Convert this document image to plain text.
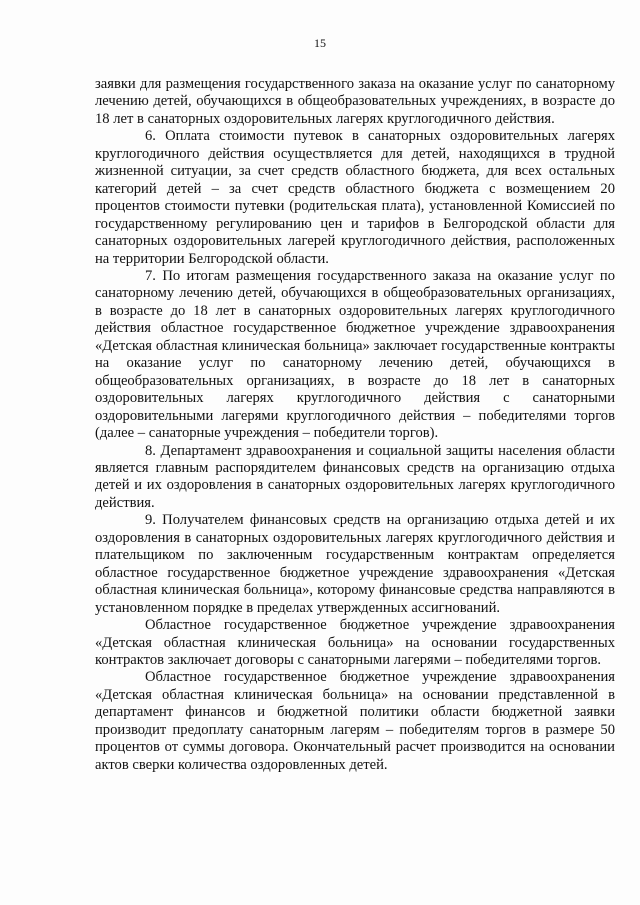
15

заявки для размещения государственного заказа на оказание услуг по санаторному лечению детей, обучающихся в общеобразовательных учреждениях, в возрасте до 18 лет в санаторных оздоровительных лагерях круглогодичного действия.

6. Оплата стоимости путевок в санаторных оздоровительных лагерях круглогодичного действия осуществляется для детей, находящихся в трудной жизненной ситуации, за счет средств областного бюджета, для всех остальных категорий детей – за счет средств областного бюджета с возмещением 20 процентов стоимости путевки (родительская плата), установленной Комиссией по государственному регулированию цен и тарифов в Белгородской области для санаторных оздоровительных лагерей круглогодичного действия, расположенных на территории Белгородской области.

7. По итогам размещения государственного заказа на оказание услуг по санаторному лечению детей, обучающихся в общеобразовательных организациях, в возрасте до 18 лет в санаторных оздоровительных лагерях круглогодичного действия областное государственное бюджетное учреждение здравоохранения «Детская областная клиническая больница» заключает государственные контракты на оказание услуг по санаторному лечению детей, обучающихся в общеобразовательных организациях, в возрасте до 18 лет в санаторных оздоровительных лагерях круглогодичного действия с санаторными оздоровительными лагерями круглогодичного действия – победителями торгов (далее – санаторные учреждения – победители торгов).

8. Департамент здравоохранения и социальной защиты населения области является главным распорядителем финансовых средств на организацию отдыха детей и их оздоровления в санаторных оздоровительных лагерях круглогодичного действия.

9. Получателем финансовых средств на организацию отдыха детей и их оздоровления в санаторных оздоровительных лагерях круглогодичного действия и плательщиком по заключенным государственным контрактам определяется областное государственное бюджетное учреждение здравоохранения «Детская областная клиническая больница», которому финансовые средства направляются в установленном порядке в пределах утвержденных ассигнований.

Областное государственное бюджетное учреждение здравоохранения «Детская областная клиническая больница» на основании государственных контрактов заключает договоры с санаторными лагерями – победителями торгов.

Областное государственное бюджетное учреждение здравоохранения «Детская областная клиническая больница» на основании представленной в департамент финансов и бюджетной политики области бюджетной заявки производит предоплату санаторным лагерям – победителям торгов в размере 50 процентов от суммы договора. Окончательный расчет производится на основании актов сверки количества оздоровленных детей.
